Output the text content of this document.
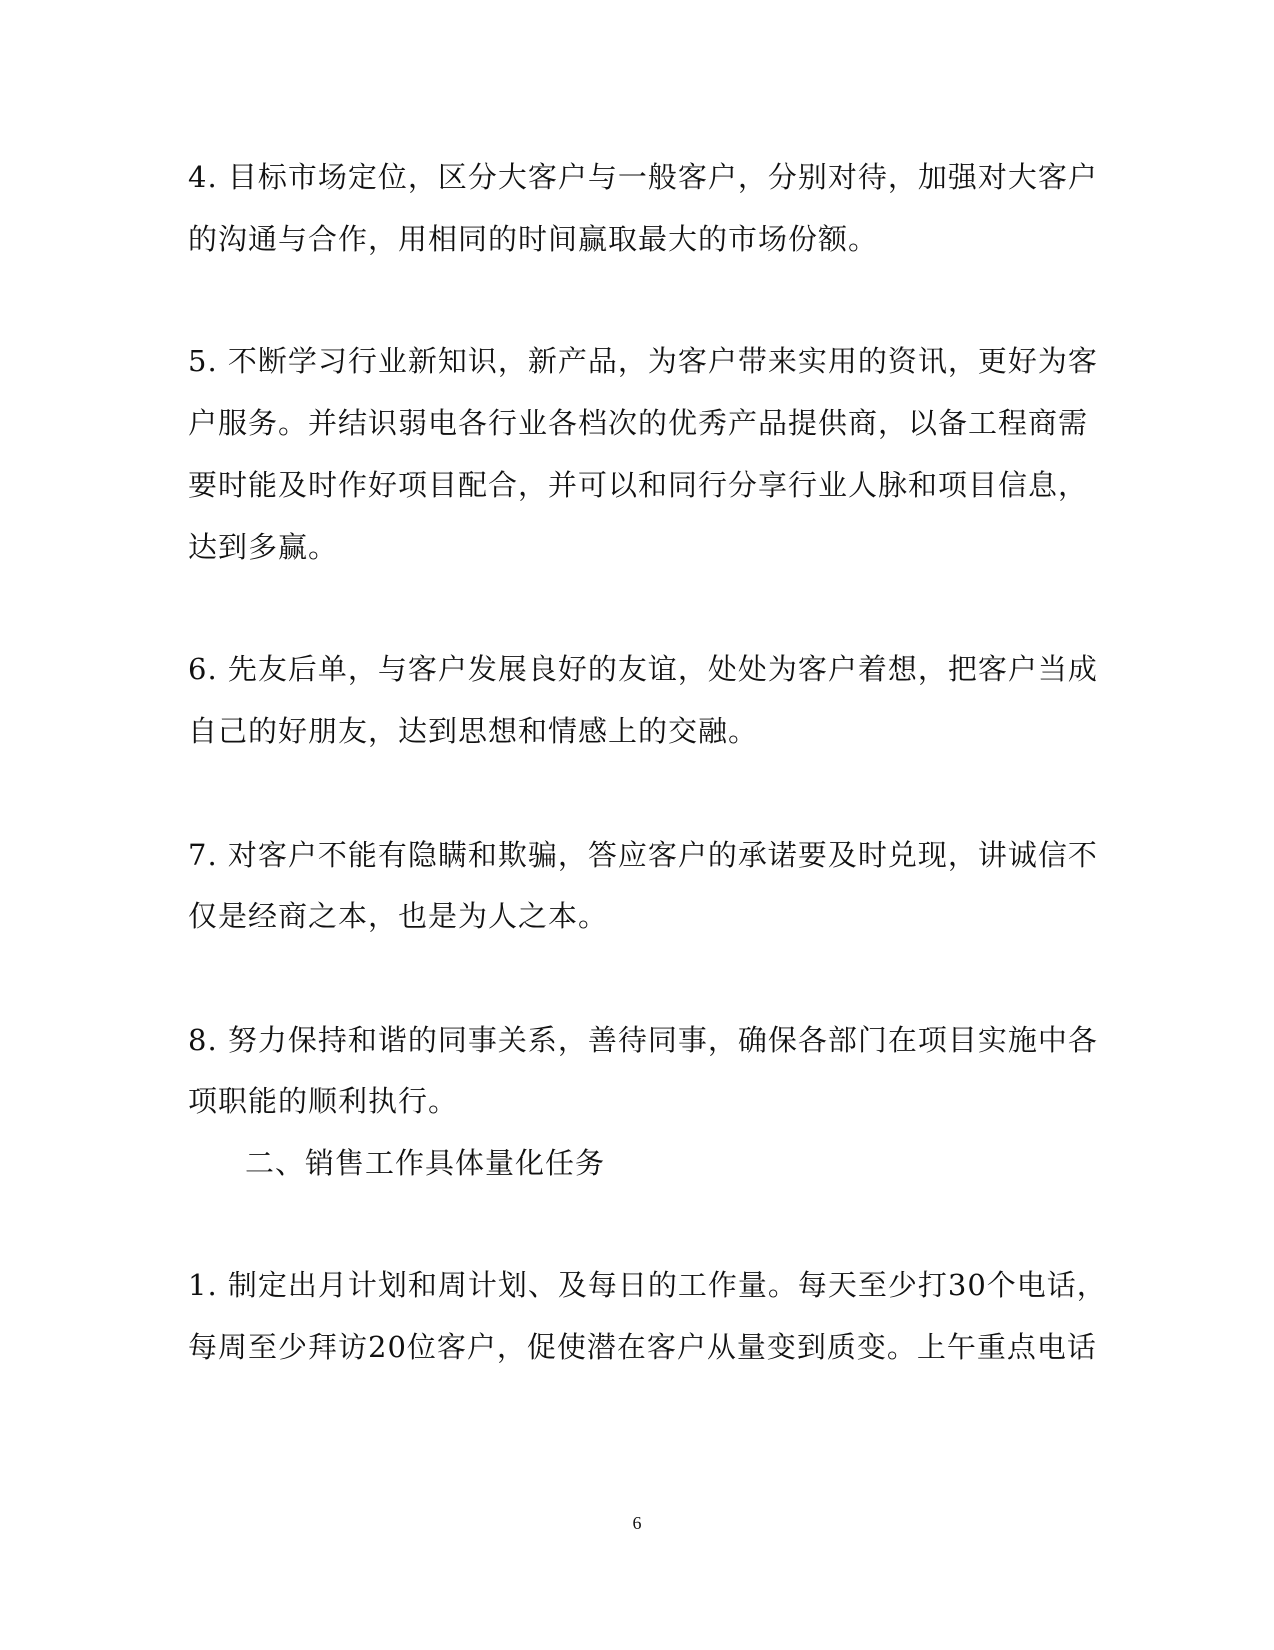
4. 目标市场定位，区分大客户与一般客户，分别对待，加强对大客户
的沟通与合作，用相同的时间赢取最大的市场份额。
5. 不断学习行业新知识，新产品，为客户带来实用的资讯，更好为客
户服务。并结识弱电各行业各档次的优秀产品提供商，以备工程商需
要时能及时作好项目配合，并可以和同行分享行业人脉和项目信息，
达到多赢。
6. 先友后单，与客户发展良好的友谊，处处为客户着想，把客户当成
自己的好朋友，达到思想和情感上的交融。
7. 对客户不能有隐瞒和欺骗，答应客户的承诺要及时兑现，讲诚信不
仅是经商之本，也是为人之本。
8. 努力保持和谐的同事关系，善待同事，确保各部门在项目实施中各
项职能的顺利执行。
二、销售工作具体量化任务
1. 制定出月计划和周计划、及每日的工作量。每天至少打30个电话，
每周至少拜访20位客户，促使潜在客户从量变到质变。上午重点电话
6
